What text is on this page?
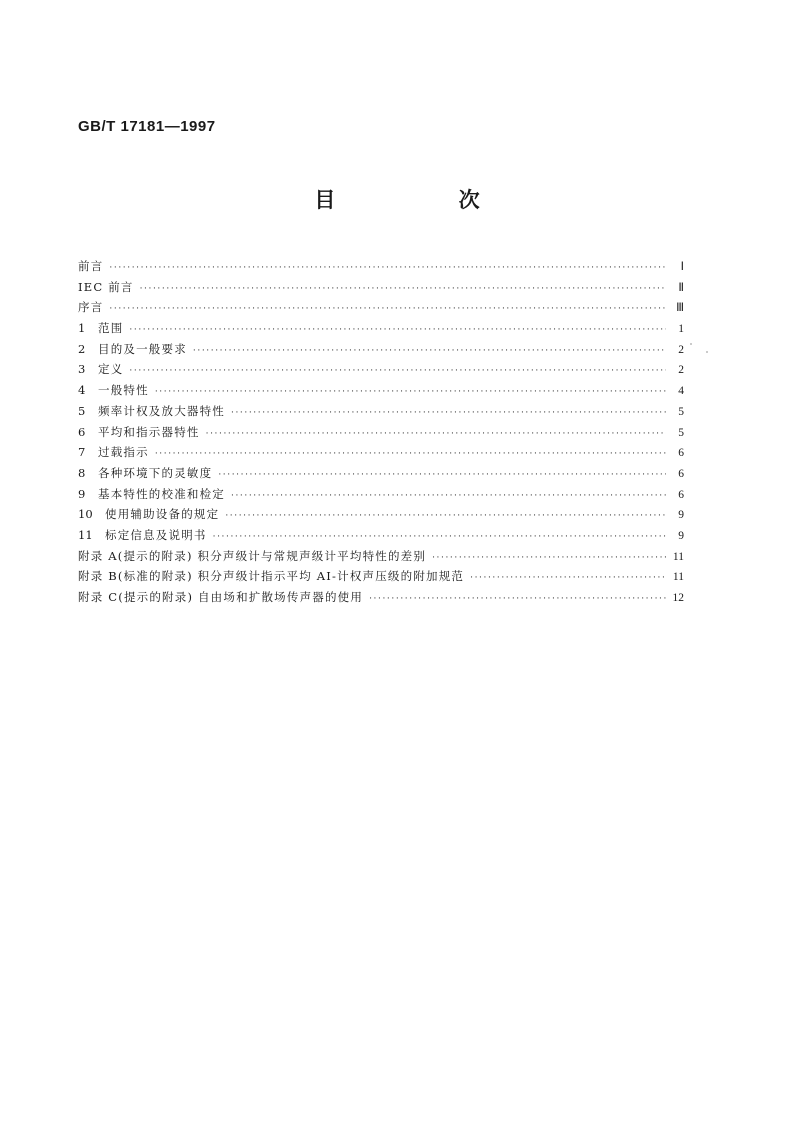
GB/T 17181—1997
目 次
前言 ·····	Ⅰ
IEC 前言 ·····	Ⅱ
序言 ·····	Ⅲ
1	范围 ·····	1
2	目的及一般要求 ·····	2
3	定义 ·····	2
4	一般特性 ·····	4
5	频率计权及放大器特性 ·····	5
6	平均和指示器特性 ·····	5
7	过载指示 ·····	6
8	各种环境下的灵敏度 ·····	6
9	基本特性的校准和检定 ·····	6
10	使用辅助设备的规定 ·····	9
11	标定信息及说明书 ·····	9
附录 A(提示的附录) 积分声级计与常规声级计平均特性的差别 ·····	11
附录 B(标准的附录) 积分声级计指示平均 AI-计权声压级的附加规范 ·····	11
附录 C(提示的附录) 自由场和扩散场传声器的使用 ·····	12
